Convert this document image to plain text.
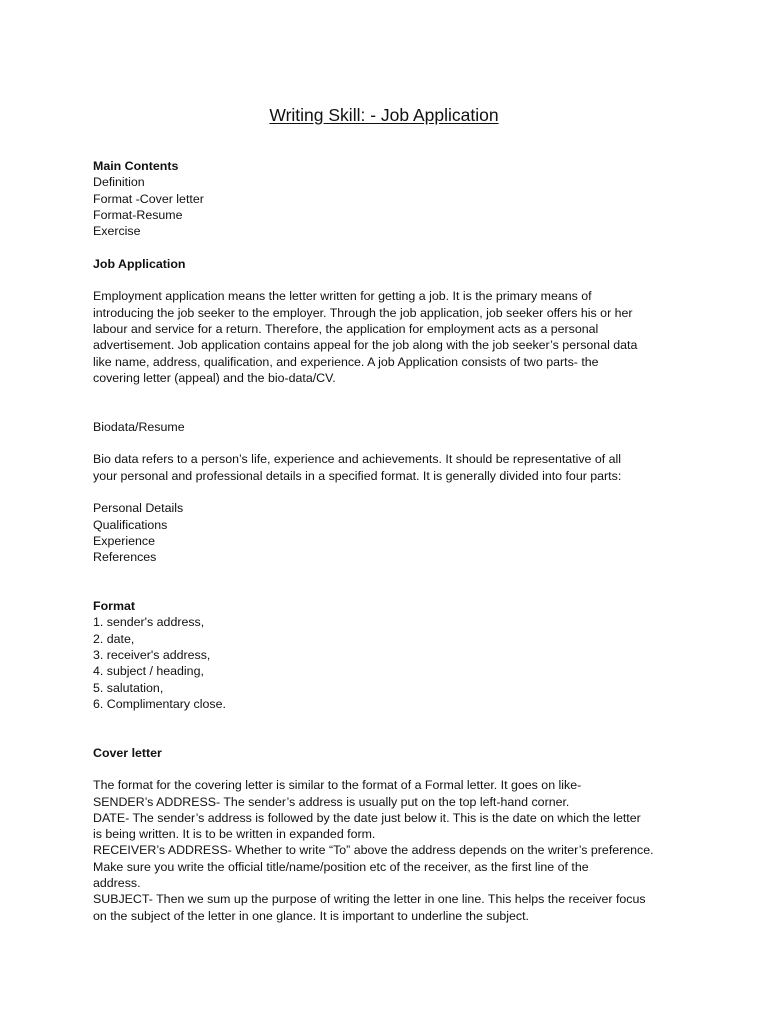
Writing Skill: - Job Application
Main Contents
Definition
Format -Cover letter
Format-Resume
Exercise
Job Application
Employment application means the letter written for getting a job. It is the primary means of
introducing the job seeker to the employer. Through the job application, job seeker offers his or her
labour and service for a return. Therefore, the application for employment acts as a personal
advertisement. Job application contains appeal for the job along with the job seeker’s personal data
like name, address, qualification, and experience. A job Application consists of two parts- the
covering letter (appeal) and the bio-data/CV.
Biodata/Resume
Bio data refers to a person’s life, experience and achievements. It should be representative of all
your personal and professional details in a specified format. It is generally divided into four parts:
Personal Details
Qualifications
Experience
References
Format
1. sender's address,
2. date,
3. receiver's address,
4. subject / heading,
5. salutation,
6. Complimentary close.
Cover letter
The format for the covering letter is similar to the format of a Formal letter. It goes on like-
SENDER’s ADDRESS- The sender’s address is usually put on the top left-hand corner.
DATE- The sender’s address is followed by the date just below it. This is the date on which the letter
is being written. It is to be written in expanded form.
RECEIVER’s ADDRESS- Whether to write “To” above the address depends on the writer’s preference.
Make sure you write the official title/name/position etc of the receiver, as the first line of the
address.
SUBJECT- Then we sum up the purpose of writing the letter in one line. This helps the receiver focus
on the subject of the letter in one glance. It is important to underline the subject.
